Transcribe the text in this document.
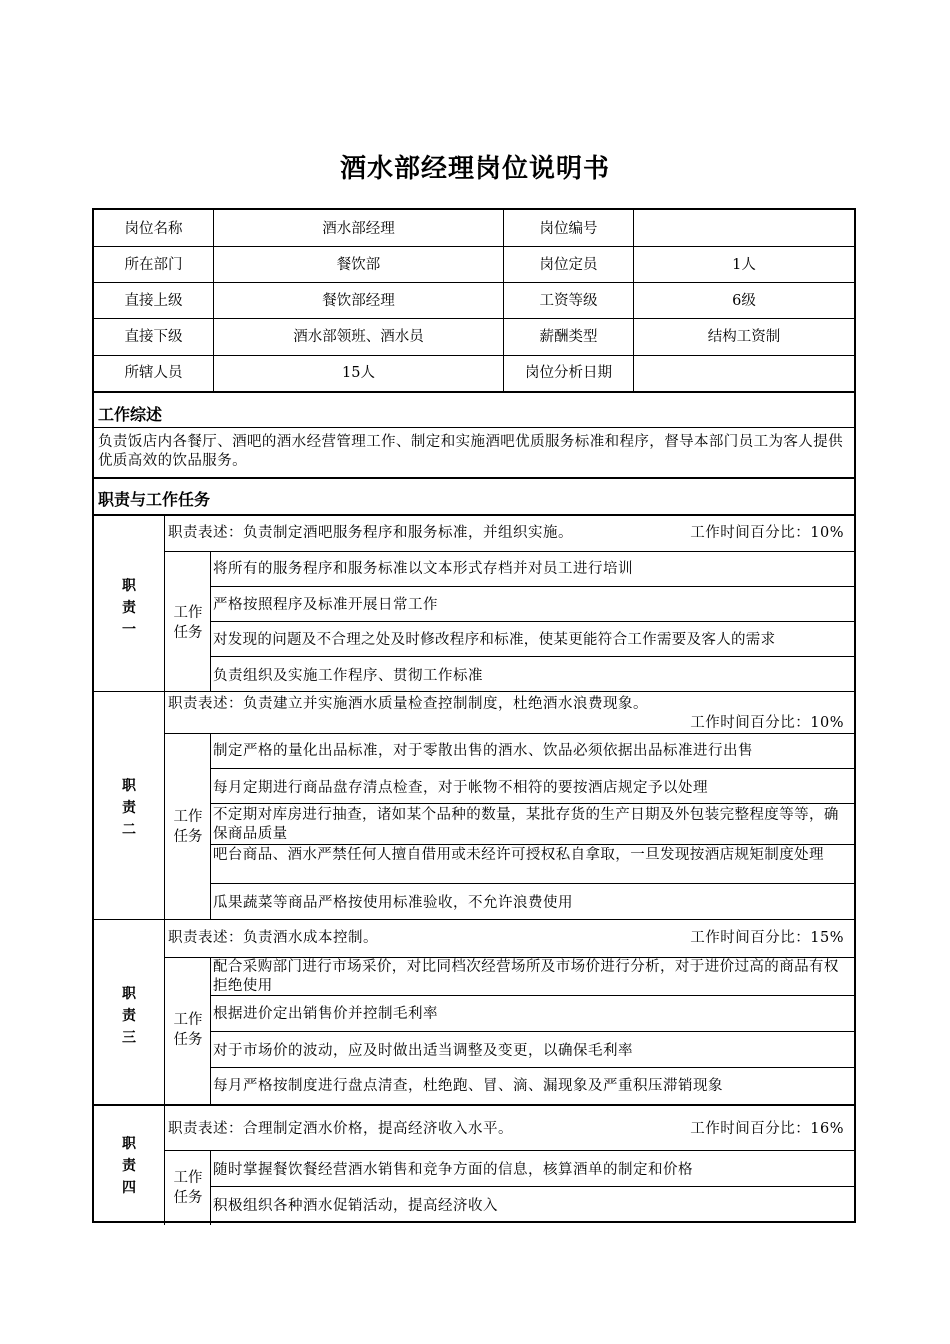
酒水部经理岗位说明书
岗位名称	酒水部经理	岗位编号
所在部门	餐饮部	岗位定员	1人
直接上级	餐饮部经理	工资等级	6级
直接下级	酒水部领班、酒水员	薪酬类型	结构工资制
所辖人员	15人	岗位分析日期
工作综述
负责饭店内各餐厅、酒吧的酒水经营管理工作、制定和实施酒吧优质服务标准和程序，督导本部门员工为客人提供优质高效的饮品服务。
职责与工作任务
职
责
一
职责表述：负责制定酒吧服务程序和服务标准，并组织实施。	工作时间百分比：10%
工作
任务
将所有的服务程序和服务标准以文本形式存档并对员工进行培训
严格按照程序及标准开展日常工作
对发现的问题及不合理之处及时修改程序和标准，使某更能符合工作需要及客人的需求
负责组织及实施工作程序、贯彻工作标准
职
责
二
职责表述：负责建立并实施酒水质量检查控制制度，杜绝酒水浪费现象。
工作时间百分比：10%
工作
任务
制定严格的量化出品标准，对于零散出售的酒水、饮品必须依据出品标准进行出售
每月定期进行商品盘存清点检查，对于帐物不相符的要按酒店规定予以处理
不定期对库房进行抽查，诸如某个品种的数量，某批存货的生产日期及外包装完整程度等等，确保商品质量
吧台商品、酒水严禁任何人擅自借用或未经许可授权私自拿取，一旦发现按酒店规矩制度处理
瓜果蔬菜等商品严格按使用标准验收，不允许浪费使用
职
责
三
职责表述：负责酒水成本控制。	工作时间百分比：15%
工作
任务
配合采购部门进行市场采价，对比同档次经营场所及市场价进行分析，对于进价过高的商品有权拒绝使用
根据进价定出销售价并控制毛利率
对于市场价的波动，应及时做出适当调整及变更，以确保毛利率
每月严格按制度进行盘点清查，杜绝跑、冒、滴、漏现象及严重积压滞销现象
职
责
四
职责表述：合理制定酒水价格，提高经济收入水平。	工作时间百分比：16%
工作
任务
随时掌握餐饮餐经营酒水销售和竞争方面的信息，核算酒单的制定和价格
积极组织各种酒水促销活动，提高经济收入
